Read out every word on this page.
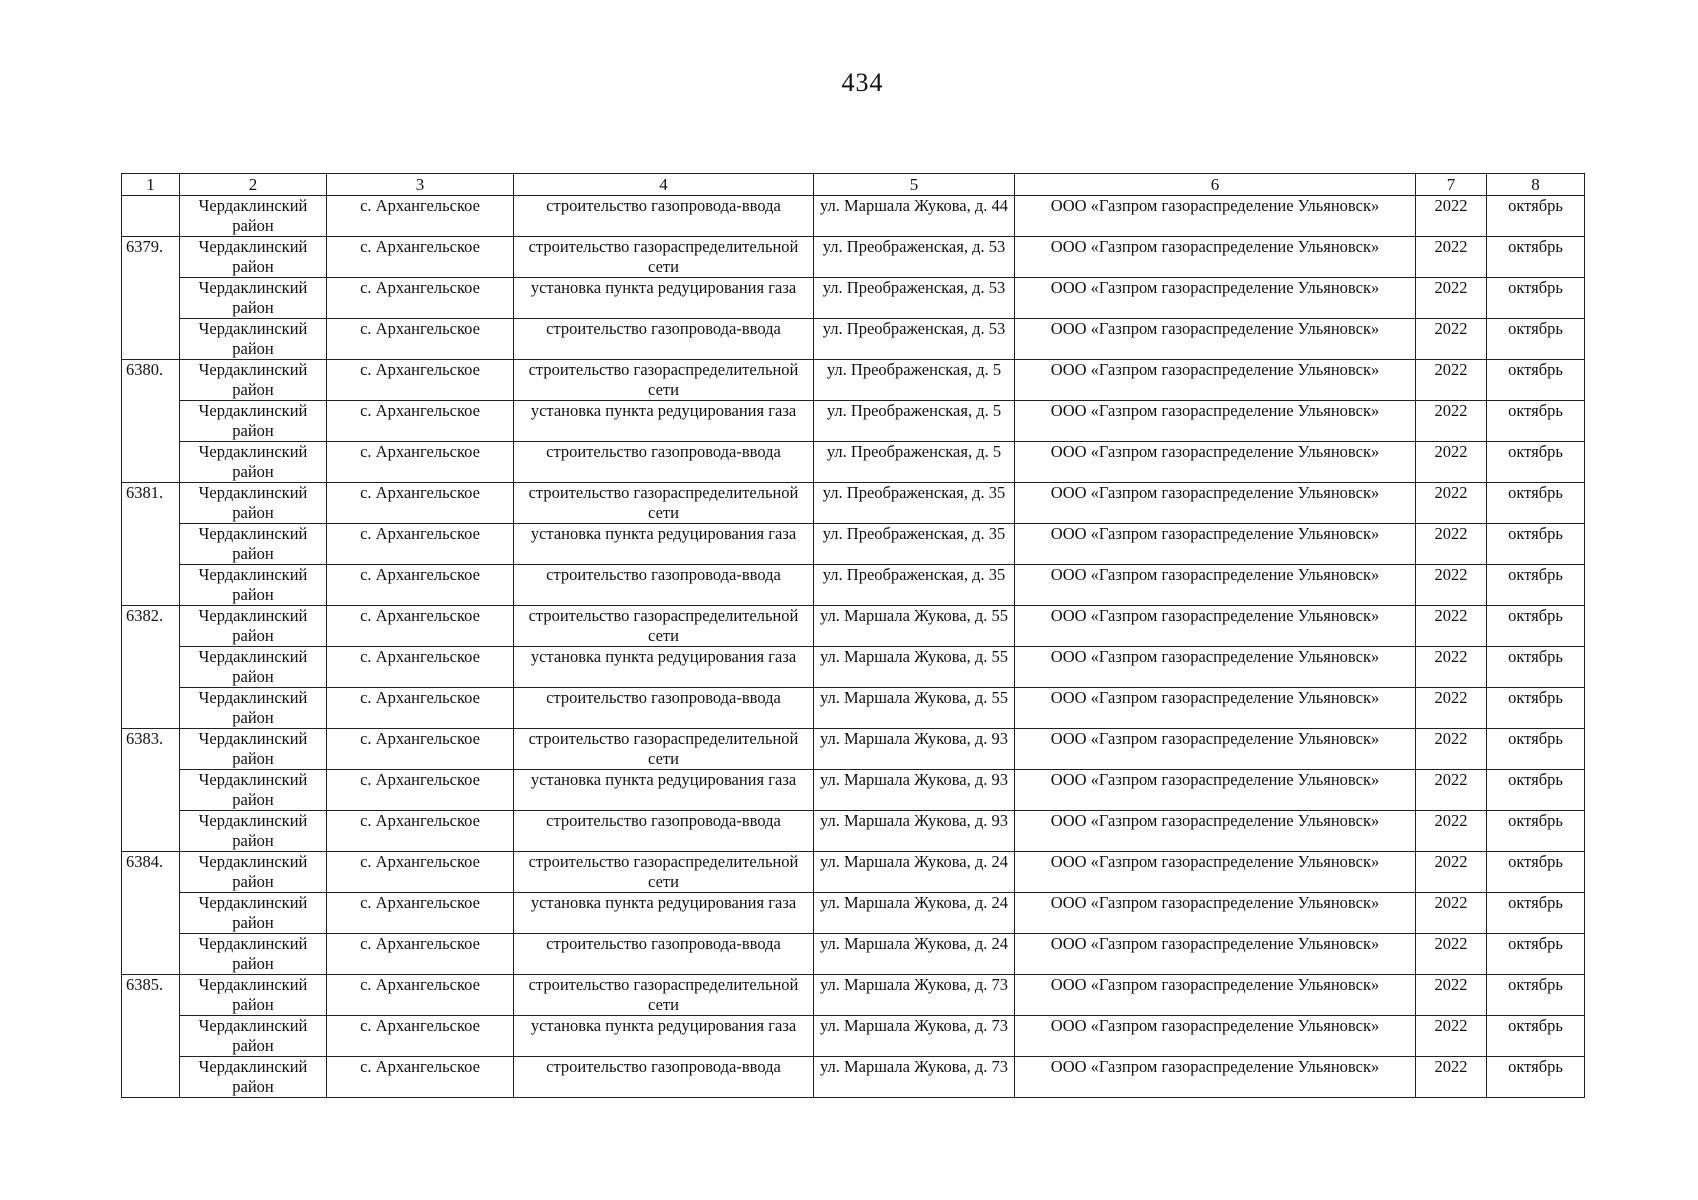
434
1	2	3	4	5	6	7	8
	Чердаклинский район	с. Архангельское	строительство газопровода-ввода	ул. Маршала Жукова, д. 44	ООО «Газпром газораспределение Ульяновск»	2022	октябрь
6379.	Чердаклинский район	с. Архангельское	строительство газораспределительной сети	ул. Преображенская, д. 53	ООО «Газпром газораспределение Ульяновск»	2022	октябрь
	Чердаклинский район	с. Архангельское	установка пункта редуцирования газа	ул. Преображенская, д. 53	ООО «Газпром газораспределение Ульяновск»	2022	октябрь
	Чердаклинский район	с. Архангельское	строительство газопровода-ввода	ул. Преображенская, д. 53	ООО «Газпром газораспределение Ульяновск»	2022	октябрь
6380.	Чердаклинский район	с. Архангельское	строительство газораспределительной сети	ул. Преображенская, д. 5	ООО «Газпром газораспределение Ульяновск»	2022	октябрь
	Чердаклинский район	с. Архангельское	установка пункта редуцирования газа	ул. Преображенская, д. 5	ООО «Газпром газораспределение Ульяновск»	2022	октябрь
	Чердаклинский район	с. Архангельское	строительство газопровода-ввода	ул. Преображенская, д. 5	ООО «Газпром газораспределение Ульяновск»	2022	октябрь
6381.	Чердаклинский район	с. Архангельское	строительство газораспределительной сети	ул. Преображенская, д. 35	ООО «Газпром газораспределение Ульяновск»	2022	октябрь
	Чердаклинский район	с. Архангельское	установка пункта редуцирования газа	ул. Преображенская, д. 35	ООО «Газпром газораспределение Ульяновск»	2022	октябрь
	Чердаклинский район	с. Архангельское	строительство газопровода-ввода	ул. Преображенская, д. 35	ООО «Газпром газораспределение Ульяновск»	2022	октябрь
6382.	Чердаклинский район	с. Архангельское	строительство газораспределительной сети	ул. Маршала Жукова, д. 55	ООО «Газпром газораспределение Ульяновск»	2022	октябрь
	Чердаклинский район	с. Архангельское	установка пункта редуцирования газа	ул. Маршала Жукова, д. 55	ООО «Газпром газораспределение Ульяновск»	2022	октябрь
	Чердаклинский район	с. Архангельское	строительство газопровода-ввода	ул. Маршала Жукова, д. 55	ООО «Газпром газораспределение Ульяновск»	2022	октябрь
6383.	Чердаклинский район	с. Архангельское	строительство газораспределительной сети	ул. Маршала Жукова, д. 93	ООО «Газпром газораспределение Ульяновск»	2022	октябрь
	Чердаклинский район	с. Архангельское	установка пункта редуцирования газа	ул. Маршала Жукова, д. 93	ООО «Газпром газораспределение Ульяновск»	2022	октябрь
	Чердаклинский район	с. Архангельское	строительство газопровода-ввода	ул. Маршала Жукова, д. 93	ООО «Газпром газораспределение Ульяновск»	2022	октябрь
6384.	Чердаклинский район	с. Архангельское	строительство газораспределительной сети	ул. Маршала Жукова, д. 24	ООО «Газпром газораспределение Ульяновск»	2022	октябрь
	Чердаклинский район	с. Архангельское	установка пункта редуцирования газа	ул. Маршала Жукова, д. 24	ООО «Газпром газораспределение Ульяновск»	2022	октябрь
	Чердаклинский район	с. Архангельское	строительство газопровода-ввода	ул. Маршала Жукова, д. 24	ООО «Газпром газораспределение Ульяновск»	2022	октябрь
6385.	Чердаклинский район	с. Архангельское	строительство газораспределительной сети	ул. Маршала Жукова, д. 73	ООО «Газпром газораспределение Ульяновск»	2022	октябрь
	Чердаклинский район	с. Архангельское	установка пункта редуцирования газа	ул. Маршала Жукова, д. 73	ООО «Газпром газораспределение Ульяновск»	2022	октябрь
	Чердаклинский район	с. Архангельское	строительство газопровода-ввода	ул. Маршала Жукова, д. 73	ООО «Газпром газораспределение Ульяновск»	2022	октябрь
